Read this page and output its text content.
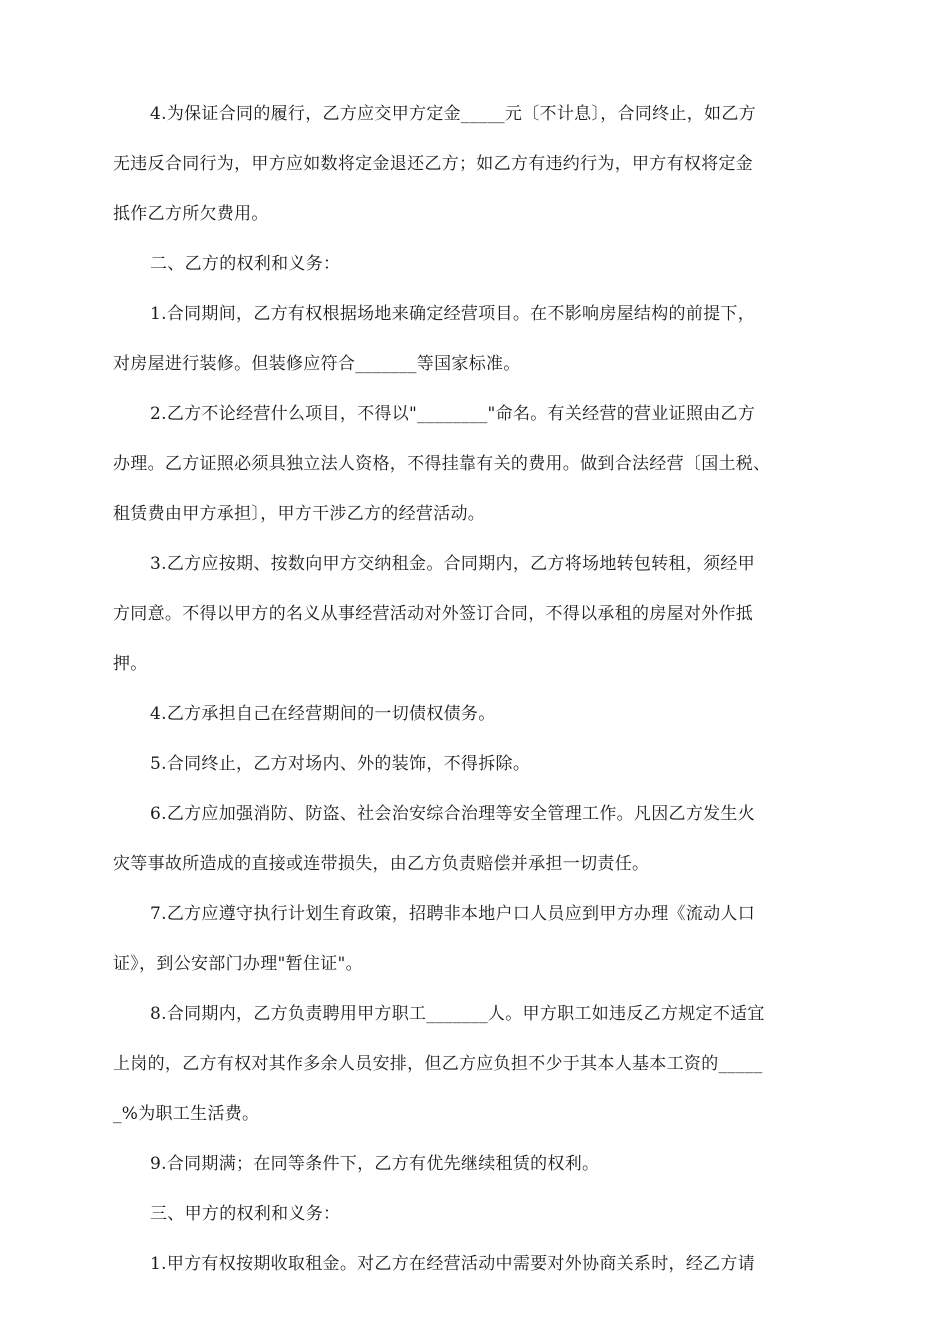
4.为保证合同的履行，乙方应交甲方定金_____元〔不计息〕，合同终止，如乙方
无违反合同行为，甲方应如数将定金退还乙方；如乙方有违约行为，甲方有权将定金
抵作乙方所欠费用。
二、乙方的权利和义务：
1.合同期间，乙方有权根据场地来确定经营项目。在不影响房屋结构的前提下，
对房屋进行装修。但装修应符合_______等国家标准。
2.乙方不论经营什么项目，不得以"________"命名。有关经营的营业证照由乙方
办理。乙方证照必须具独立法人资格，不得挂靠有关的费用。做到合法经营〔国土税、
租赁费由甲方承担〕，甲方干涉乙方的经营活动。
3.乙方应按期、按数向甲方交纳租金。合同期内，乙方将场地转包转租，须经甲
方同意。不得以甲方的名义从事经营活动对外签订合同，不得以承租的房屋对外作抵
押。
4.乙方承担自己在经营期间的一切债权债务。
5.合同终止，乙方对场内、外的装饰，不得拆除。
6.乙方应加强消防、防盗、社会治安综合治理等安全管理工作。凡因乙方发生火
灾等事故所造成的直接或连带损失，由乙方负责赔偿并承担一切责任。
7.乙方应遵守执行计划生育政策，招聘非本地户口人员应到甲方办理《流动人口
证》，到公安部门办理"暂住证"。
8.合同期内，乙方负责聘用甲方职工_______人。甲方职工如违反乙方规定不适宜
上岗的，乙方有权对其作多余人员安排，但乙方应负担不少于其本人基本工资的_____
_%为职工生活费。
9.合同期满；在同等条件下，乙方有优先继续租赁的权利。
三、甲方的权利和义务：
1.甲方有权按期收取租金。对乙方在经营活动中需要对外协商关系时，经乙方请
